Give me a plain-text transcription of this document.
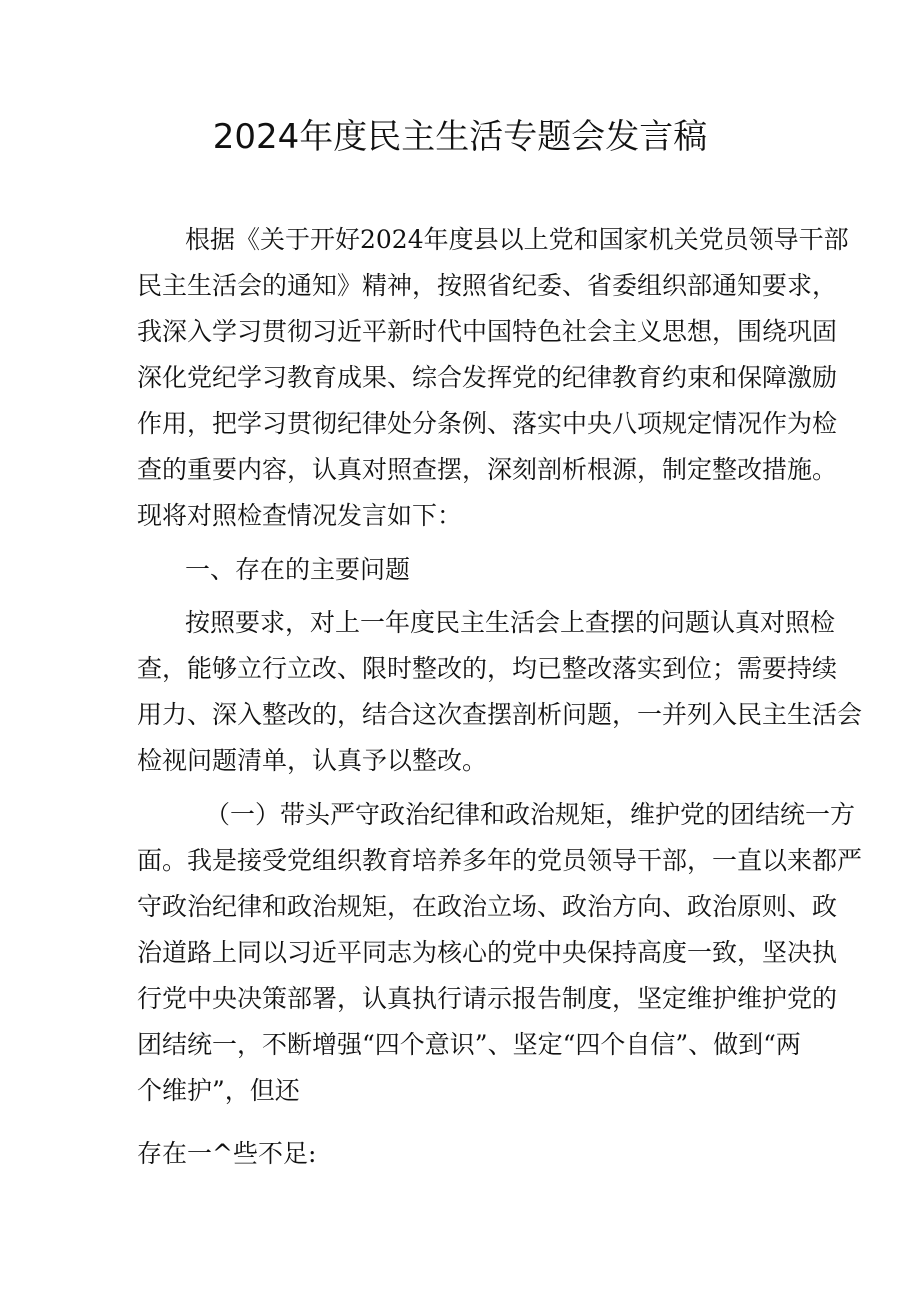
2024年度民主生活专题会发言稿
根据《关于开好2024年度县以上党和国家机关党员领导干部
民主生活会的通知》精神，按照省纪委、省委组织部通知要求，
我深入学习贯彻习近平新时代中国特色社会主义思想，围绕巩固
深化党纪学习教育成果、综合发挥党的纪律教育约束和保障激励
作用，把学习贯彻纪律处分条例、落实中央八项规定情况作为检
查的重要内容，认真对照查摆，深刻剖析根源，制定整改措施。
现将对照检查情况发言如下：
一、存在的主要问题
按照要求，对上一年度民主生活会上查摆的问题认真对照检
查，能够立行立改、限时整改的，均已整改落实到位；需要持续
用力、深入整改的，结合这次查摆剖析问题，一并列入民主生活会
检视问题清单，认真予以整改。
（一）带头严守政治纪律和政治规矩，维护党的团结统一方
面。我是接受党组织教育培养多年的党员领导干部，一直以来都严
守政治纪律和政治规矩，在政治立场、政治方向、政治原则、政
治道路上同以习近平同志为核心的党中央保持高度一致，坚决执
行党中央决策部署，认真执行请示报告制度，坚定维护维护党的
团结统一，不断增强“四个意识”、坚定“四个自信”、做到“两
个维护”，但还
存在一^些不足:
